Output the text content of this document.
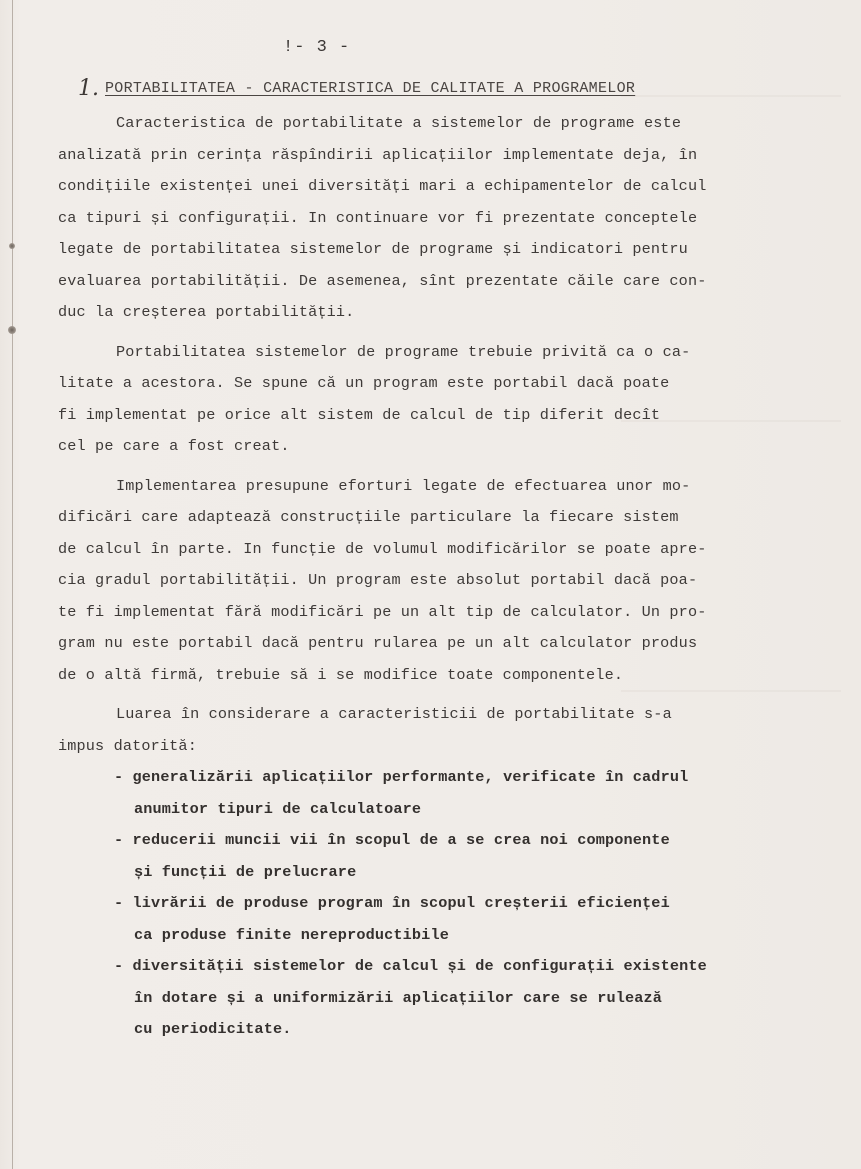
!- 3 -
1. PORTABILITATEA - CARACTERISTICA DE CALITATE A PROGRAMELOR
Caracteristica de portabilitate a sistemelor de programe este
analizată prin cerința răspîndirii aplicațiilor implementate deja, în
condițiile existenței unei diversități mari a echipamentelor de calcul
ca tipuri și configurații. In continuare vor fi prezentate conceptele
legate de portabilitatea sistemelor de programe și indicatori pentru
evaluarea portabilității. De asemenea, sînt prezentate căile care con-
duc la creșterea portabilității.
Portabilitatea sistemelor de programe trebuie privită ca o ca-
litate a acestora. Se spune că un program este portabil dacă poate
fi implementat pe orice alt sistem de calcul de tip diferit decît
cel pe care a fost creat.
Implementarea presupune eforturi legate de efectuarea unor mo-
dificări care adaptează construcțiile particulare la fiecare sistem
de calcul în parte. In funcție de volumul modificărilor se poate apre-
cia gradul portabilității. Un program este absolut portabil dacă poa-
te fi implementat fără modificări pe un alt tip de calculator. Un pro-
gram nu este portabil dacă pentru rularea pe un alt calculator produs
de o altă firmă, trebuie să i se modifice toate componentele.
Luarea în considerare a caracteristicii de portabilitate s-a
impus datorită:
- generalizării aplicațiilor performante, verificate în cadrul
anumitor tipuri de calculatoare
- reducerii muncii vii în scopul de a se crea noi componente
și funcții de prelucrare
- livrării de produse program în scopul creșterii eficienței
ca produse finite nereproductibile
- diversității sistemelor de calcul și de configurații existente
în dotare și a uniformizării aplicațiilor care se rulează
cu periodicitate.
